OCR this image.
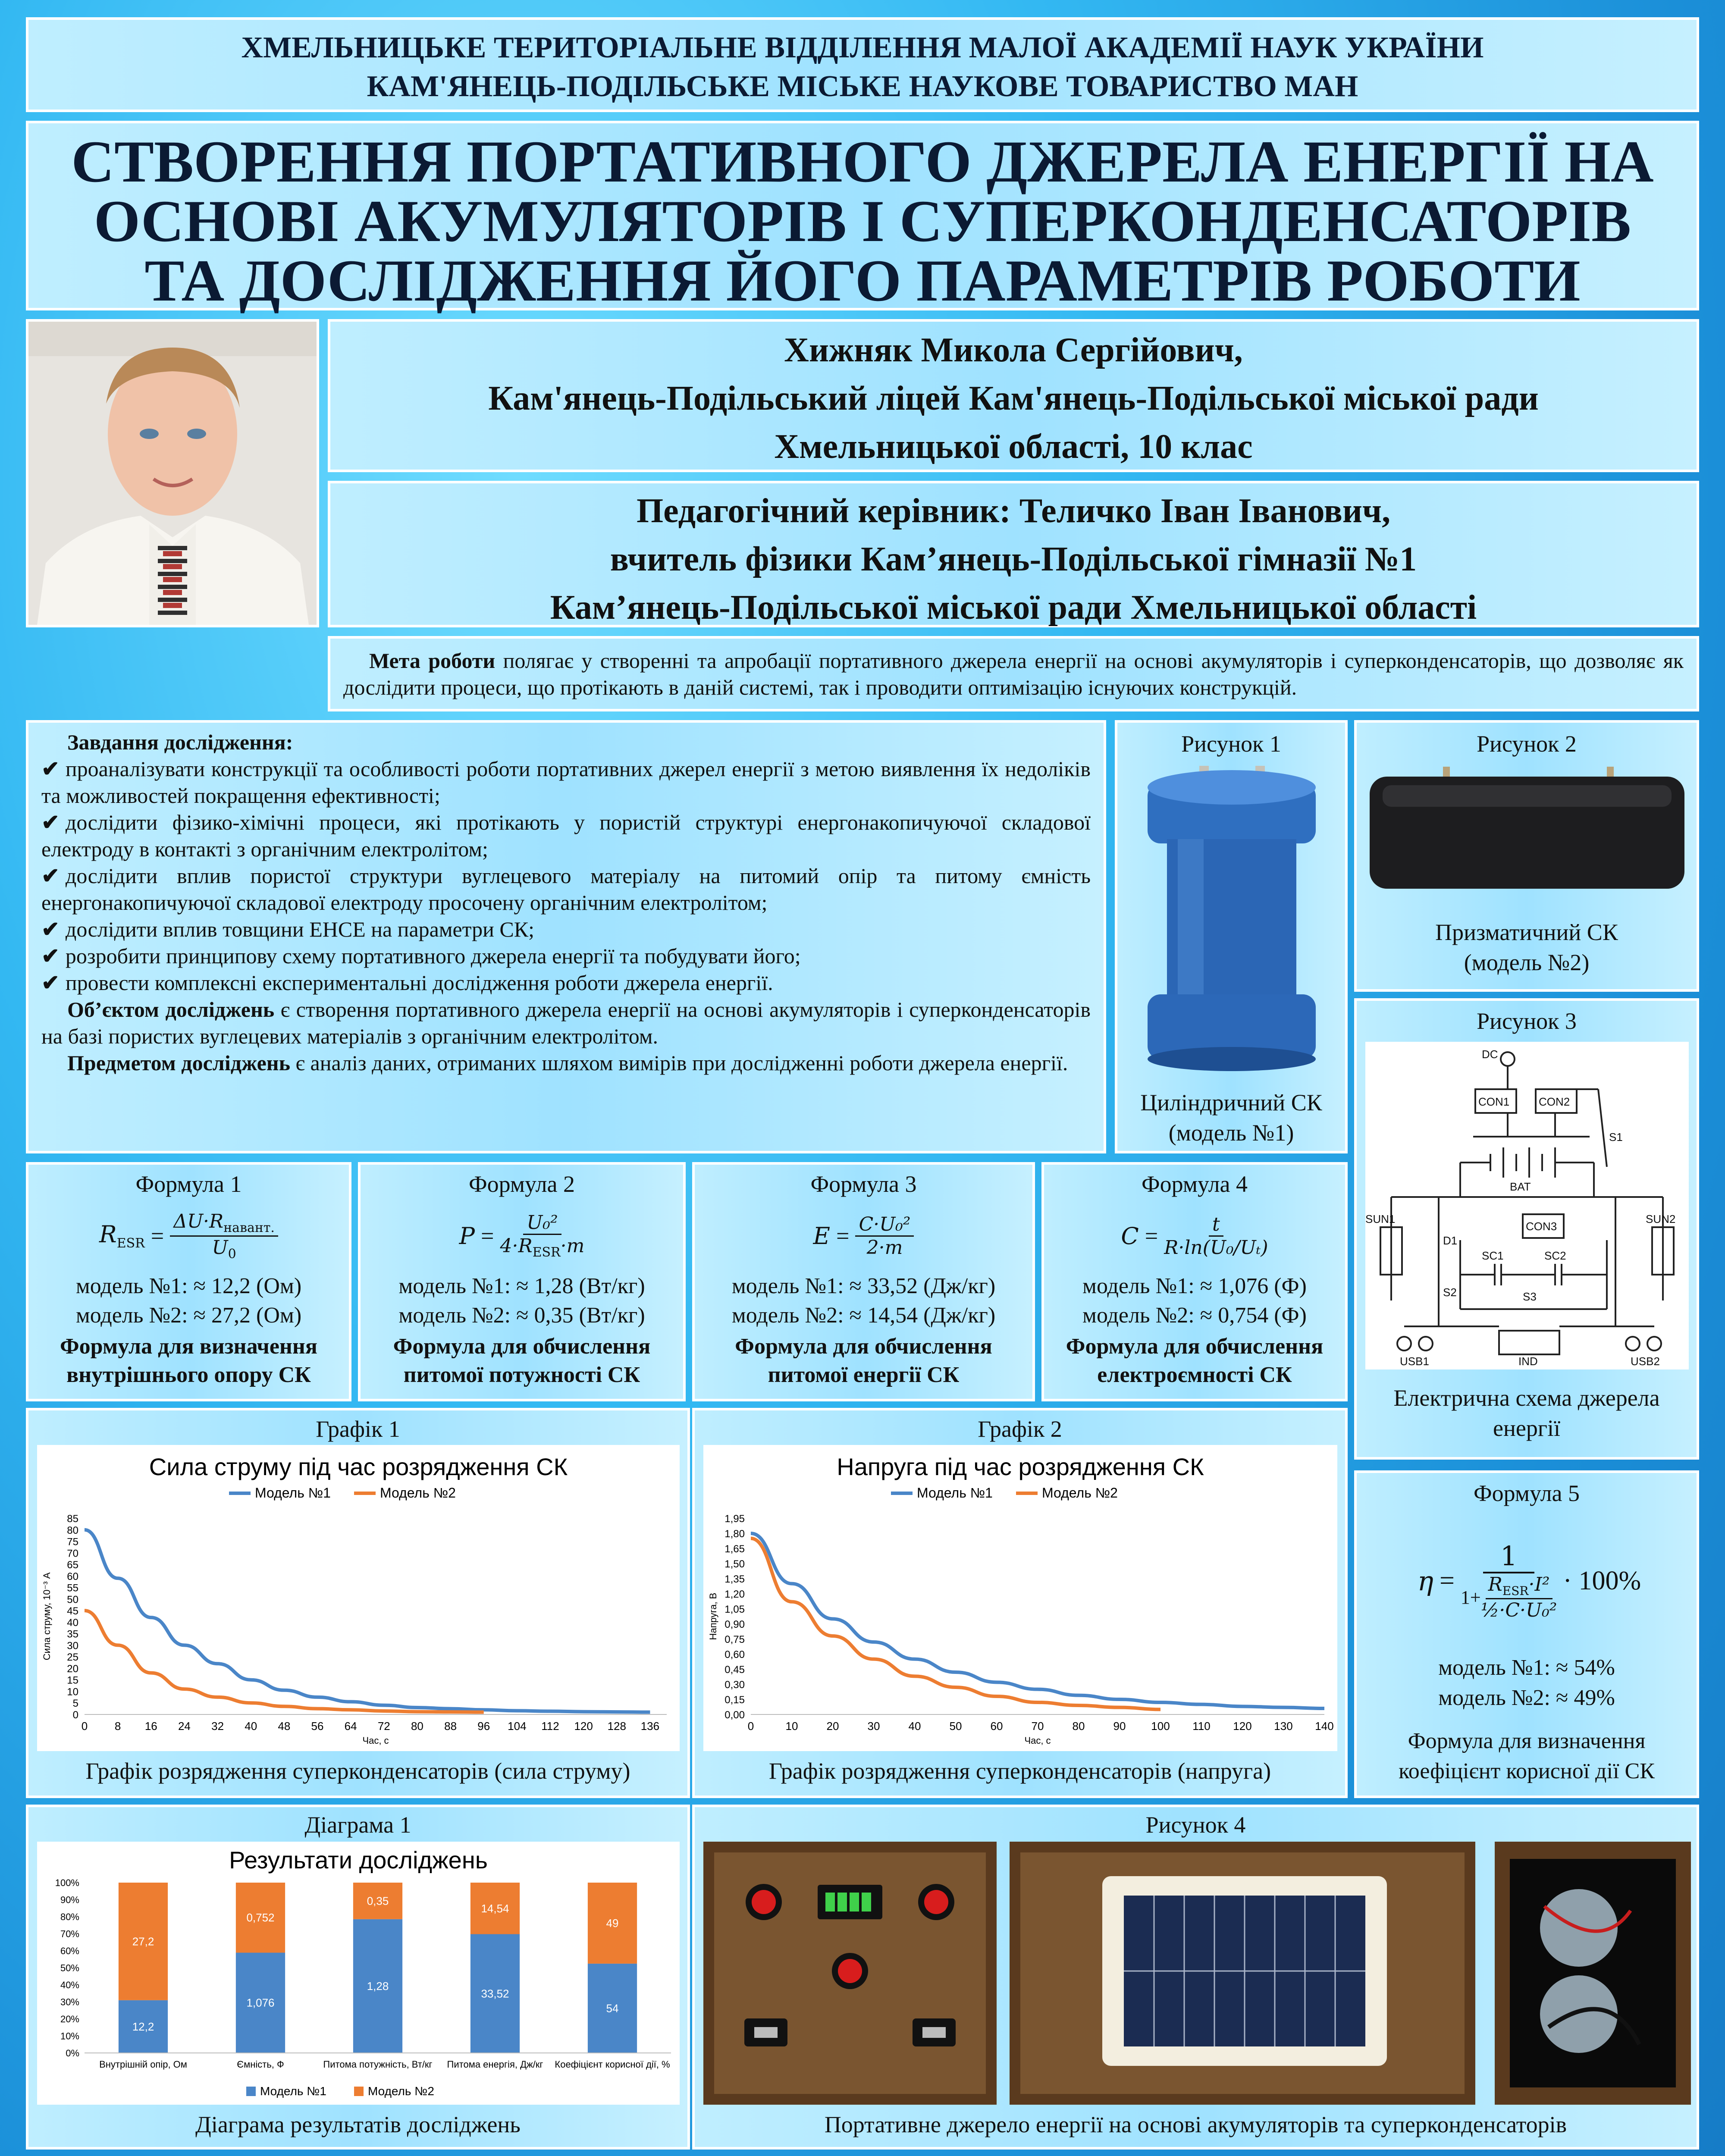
ХМЕЛЬНИЦЬКЕ ТЕРИТОРІАЛЬНЕ ВІДДІЛЕННЯ МАЛОЇ АКАДЕМІЇ НАУК УКРАЇНИ
КАМ'ЯНЕЦЬ-ПОДІЛЬСЬКЕ МІСЬКЕ НАУКОВЕ ТОВАРИСТВО МАН
СТВОРЕННЯ ПОРТАТИВНОГО ДЖЕРЕЛА ЕНЕРГІЇ НА
ОСНОВІ АКУМУЛЯТОРІВ І СУПЕРКОНДЕНСАТОРІВ
ТА ДОСЛІДЖЕННЯ ЙОГО ПАРАМЕТРІВ РОБОТИ
Хижняк Микола Сергійович,
Кам'янець-Подільський ліцей Кам'янець-Подільської міської ради
Хмельницької області, 10 клас
Педагогічний керівник: Теличко Іван Іванович,
вчитель фізики Кам’янець-Подільської гімназії №1
Кам’янець-Подільської міської ради Хмельницької області
Мета роботи полягає у створенні та апробації портативного джерела енергії на основі акумуляторів і суперконденсаторів, що дозволяє як дослідити процеси, що протікають в даній системі, так і проводити оптимізацію існуючих конструкцій.
Завдання дослідження:

✔ проаналізувати конструкції та особливості роботи портативних джерел енергії з метою виявлення їх недоліків та можливостей покращення ефективності;

✔ дослідити фізико-хімічні процеси, які протікають у пористій структурі енергонакопичуючої складової електроду в контакті з органічним електролітом;

✔ дослідити вплив пористої структури вуглецевого матеріалу на питомий опір та питому ємність енергонакопичуючої складової електроду просочену органічним електролітом;

✔ дослідити вплив товщини ЕНСЕ на параметри СК;

✔ розробити принципову схему портативного джерела енергії та побудувати його;

✔ провести комплексні експериментальні дослідження роботи джерела енергії.

Об’єктом досліджень є створення портативного джерела енергії на основі акумуляторів і суперконденсаторів на базі пористих вуглецевих матеріалів з органічним електролітом.
Предметом досліджень є аналіз даних, отриманих шляхом вимірів при дослідженні роботи джерела енергії.
Рисунок 1
Циліндричний СК
(модель №1)
Рисунок 2
Призматичний СК
(модель №2)
Рисунок 3
DC
CON1	CON2
S1
BAT
CON3
D1
SC1	SC2
S2	S3
SUN1	SUN2
USB1	USB2
IND
Електрична схема джерела
енергії
Формула 1
$R_{ESR}$ =
$\Delta U\cdot R_{навант.}$
$U_0$
модель №1: ≈ 12,2 (Ом)
модель №2: ≈ 27,2 (Ом)
Формула для визначення
внутрішнього опору СК
Формула 2
P =
U₀²
$4\cdot R_{ESR}\cdot m$
модель №1: ≈ 1,28 (Вт/кг)
модель №2: ≈ 0,35 (Вт/кг)
Формула для обчислення
питомої потужності СК
Формула 3
$E = \frac{\text{C·U₀²}}{2\cdot m}$
модель №1: ≈ 33,52 (Дж/кг)
модель №2: ≈ 14,54 (Дж/кг)
Формула для обчислення
питомої енергії СК
Формула 4
$C = \frac{t}{\text{R·ln(U₀/Uₜ)}}$
модель №1: ≈ 1,076 (Ф)
модель №2: ≈ 0,754 (Ф)
Формула для обчислення
електроємності СК
Формула 5
η =
1
1+
$R_{ESR}\cdot I^2$
½·C·U₀²
· 100%
модель №1: ≈ 54%
модель №2: ≈ 49%
Формула для визначення
коефіцієнт корисної дії СК
Графік 1
Сила струму під час розрядження СК
Модель №1	Модель №2
0
5
10
15
20
25
30
35
40
45
50
55
60
65
70
75
80
85
0 8 16 24 32 40 48 56 64 72 80 88 96 104 112 120 128 136
Час, с
Сила струму, 10⁻³ А
Графік розрядження суперконденсаторів (сила струму)
Графік 2
Напруга під час розрядження СК
Модель №1	Модель №2
0,00
0,15
0,30
0,45
0,60
0,75
0,90
1,05
1,20
1,35
1,50
1,65
1,80
1,95
0	10	20	30	40	50	60	70	80	90 100 110 120 130 140
Час, с
Напруга, В
Графік розрядження суперконденсаторів (напруга)
Діаграма 1
Результати досліджень
0%
10%
20%
30%
40%
50%
60%
70%
80%
90%
100%
12,2
27,2
Внутрішній опір, Ом
1,076
0,752
Ємність, Ф
1,28
0,35
Питома потужність, Вт/кг
33,52
14,54
Питома енергія, Дж/кг
54
49
Коефіцієнт корисної дії, %
Модель №1	Модель №2
Діаграма результатів досліджень
Рисунок 4
Портативне джерело енергії на основі акумуляторів та суперконденсаторів
